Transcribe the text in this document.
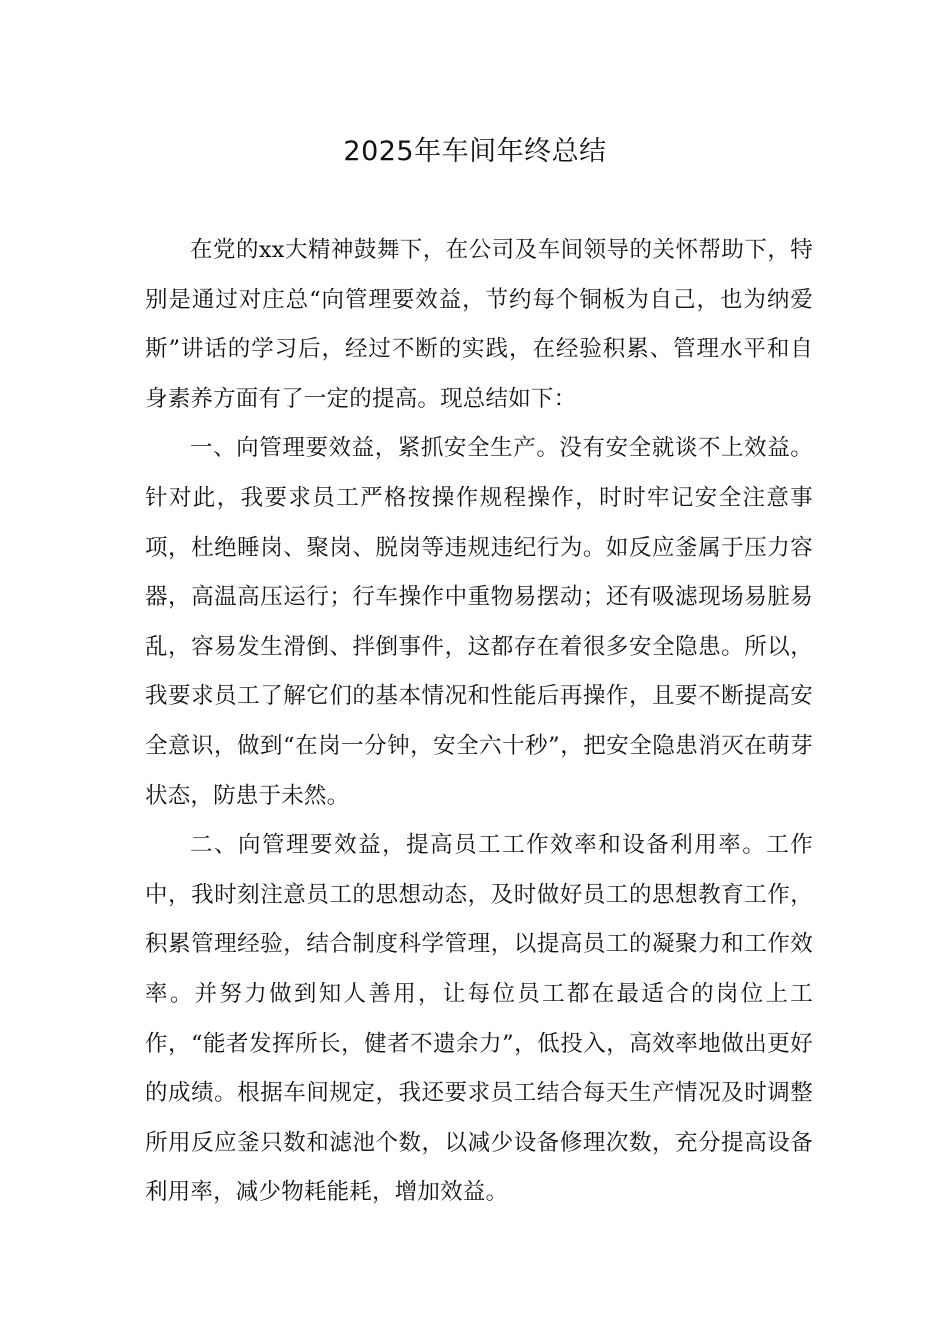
2025年车间年终总结

在党的xx大精神鼓舞下，在公司及车间领导的关怀帮助下，特别是通过对庄总“向管理要效益，节约每个铜板为自己，也为纳爱斯”讲话的学习后，经过不断的实践，在经验积累、管理水平和自身素养方面有了一定的提高。现总结如下：

一、向管理要效益，紧抓安全生产。没有安全就谈不上效益。针对此，我要求员工严格按操作规程操作，时时牢记安全注意事项，杜绝睡岗、聚岗、脱岗等违规违纪行为。如反应釜属于压力容器，高温高压运行；行车操作中重物易摆动；还有吸滤现场易脏易乱，容易发生滑倒、拌倒事件，这都存在着很多安全隐患。所以，我要求员工了解它们的基本情况和性能后再操作，且要不断提高安全意识，做到“在岗一分钟，安全六十秒”，把安全隐患消灭在萌芽状态，防患于未然。

二、向管理要效益，提高员工工作效率和设备利用率。工作中，我时刻注意员工的思想动态，及时做好员工的思想教育工作，积累管理经验，结合制度科学管理，以提高员工的凝聚力和工作效率。并努力做到知人善用，让每位员工都在最适合的岗位上工作，“能者发挥所长，健者不遗余力”，低投入，高效率地做出更好的成绩。根据车间规定，我还要求员工结合每天生产情况及时调整所用反应釜只数和滤池个数，以减少设备修理次数，充分提高设备利用率，减少物耗能耗，增加效益。
